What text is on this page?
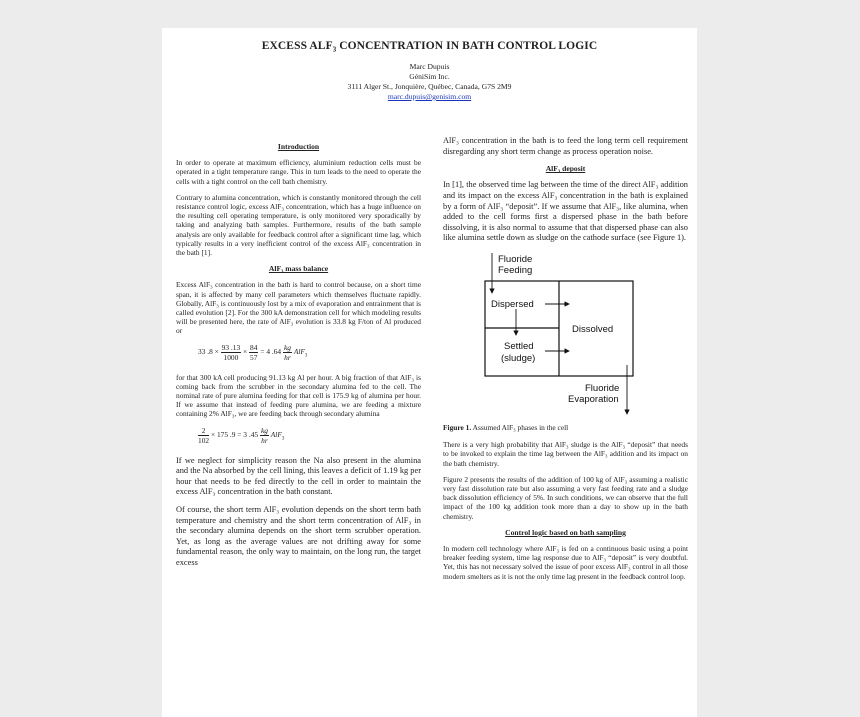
EXCESS ALF₃ CONCENTRATION IN BATH CONTROL LOGIC
Marc Dupuis
GéniSim Inc.
3111 Alger St., Jonquière, Québec, Canada, G7S 2M9
marc.dupuis@genisim.com
Introduction

In order to operate at maximum efficiency, aluminium reduction cells must be operated in a tight temperature range. This in turn leads to the need to operate the cells with a tight control on the cell bath chemistry.

Contrary to alumina concentration, which is constantly monitored through the cell resistance control logic, excess AlF₃ concentration, which has a huge influence on the resulting cell operating temperature, is only monitored very sporadically by taking and analyzing bath samples. Furthermore, results of the bath sample analysis are only available for feedback control after a significant time lag, which typically results in a very inefficient control of the excess AlF₃ concentration in the bath [1].

AlF₃ mass balance

Excess AlF₃ concentration in the bath is hard to control because, on a short time span, it is affected by many cell parameters which themselves fluctuate rapidly. Globally, AlF₃ is continuously lost by a mix of evaporation and entrainment that is called evolution [2]. For the 300 kA demonstration cell for which modeling results will be presented here, the rate of AlF₃ evolution is 33.8 kg F/ton of Al produced or

33 $.8 \times \frac{93 .13}{1000} \times \frac{84}{57} = 4$ $.64 \frac{kg}{hr} AlF_3$

for that 300 kA cell producing 91.13 kg Al per hour. A big fraction of that AlF₃ is coming back from the scrubber in the secondary alumina fed to the cell. The nominal rate of pure alumina feeding for that cell is 175.9 kg of alumina per hour. If we assume that instead of feeding pure alumina, we are feeding a mixture containing 2% AlF₃, we are feeding back through secondary alumina

$\frac{2}{102} \times 175$ .9 = 3 $.45 \frac{kg}{hr} AlF_3$

If we neglect for simplicity reason the Na also present in the alumina and the Na absorbed by the cell lining, this leaves a deficit of 1.19 kg per hour that needs to be fed directly to the cell in order to maintain the excess AlF₃ concentration in the bath constant.

Of course, the short term AlF₃ evolution depends on the short term bath temperature and chemistry and the short term concentration of AlF₃ in the secondary alumina depends on the short term scrubber operation. Yet, as long as the average values are not drifting away for some fundamental reason, the only way to maintain, on the long run, the target excess

AlF₃ concentration in the bath is to feed the long term cell requirement disregarding any short term change as process operation noise.

AlF₃ deposit

In [1], the observed time lag between the time of the direct AlF₃ addition and its impact on the excess AlF₃ concentration in the bath is explained by a form of AlF₃ “deposit”. If we assume that AlF₃, like alumina, when added to the cell forms first a dispersed phase in the bath before dissolving, it is also normal to assume that that dispersed phase can also like alumina settle down as sludge on the cathode surface (see Figure 1).

Fluoride
Feeding
Dispersed
Dissolved
Settled
(sludge)
Fluoride
Evaporation
Figure 1. Assumed AlF₃ phases in the cell

There is a very high probability that AlF₃ sludge is the AlF₃ “deposit” that needs to be invoked to explain the time lag between the AlF₃ addition and its impact on the bath chemistry.

Figure 2 presents the results of the addition of 100 kg of AlF₃ assuming a realistic very fast dissolution rate but also assuming a very fast feeding rate and a sludge back dissolution efficiency of 5%. In such conditions, we can observe that the full impact of the 100 kg addition took more than a day to show up in the bath chemistry.

Control logic based on bath sampling

In modern cell technology where AlF₃ is fed on a continuous basic using a point breaker feeding system, time lag response due to AlF₃ “deposit” is very doubtful. Yet, this has not necessary solved the issue of poor excess AlF₃ control in all those modern smelters as it is not the only time lag present in the feedback control loop.
